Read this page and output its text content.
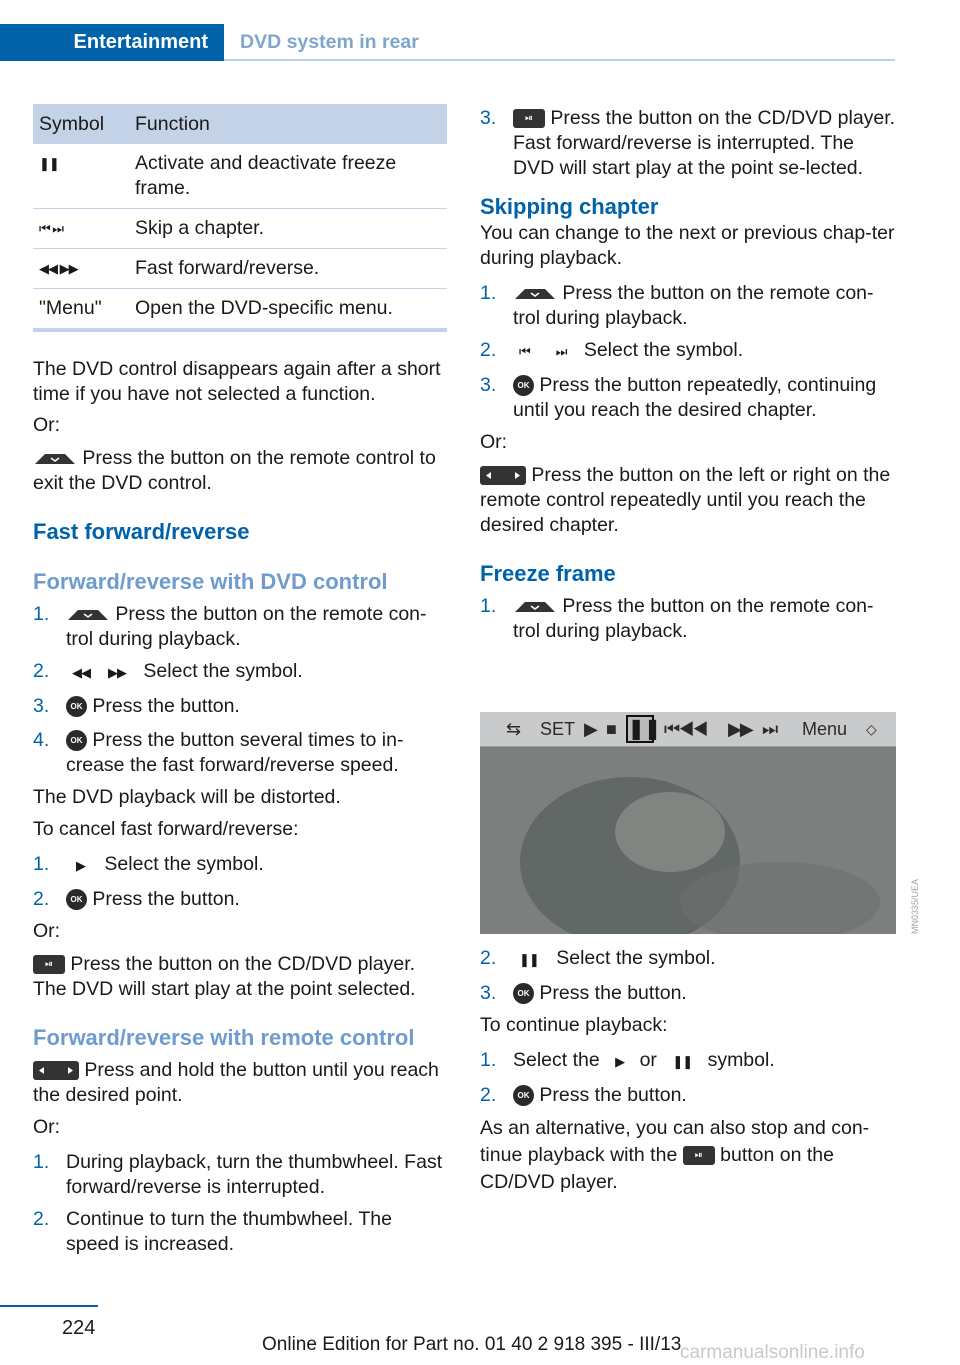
Entertainment	DVD system in rear
Symbol	Function
❚❚	Activate and deactivate freeze frame.
⏮ ⏭	Skip a chapter.
◀◀ ▶▶	Fast forward/reverse.
"Menu"	Open the DVD-specific menu.

The DVD control disappears again after a short time if you have not selected a function.

Or:

Press the button on the remote control to exit the DVD control.

Fast forward/reverse

Forward/reverse with DVD control

1.	Press the button on the remote con‐trol during playback.
2. ◀◀ ▶▶ Select the symbol.
3.	OK Press the button.
4.	OK Press the button several times to in‐crease the fast forward/reverse speed.

The DVD playback will be distorted.

To cancel fast forward/reverse:

1. ▶ Select the symbol.
2.	OK Press the button.

Or:

⏯ Press the button on the CD/DVD player. The DVD will start play at the point selected.

Forward/reverse with remote control

Press and hold the button until you reach the desired point.

Or:

1. During playback, turn the thumbwheel. Fast forward/reverse is interrupted.
2. Continue to turn the thumbwheel. The speed is increased.
3.	⏯ Press the button on the CD/DVD player. Fast forward/reverse is interrupted. The DVD will start play at the point se‐lected.

Skipping chapter

You can change to the next or previous chap‐ter during playback.

1.	Press the button on the remote con‐trol during playback.
2. ⏮ ⏭ Select the symbol.
3.	OK Press the button repeatedly, continuing until you reach the desired chapter.

Or:

Press the button on the left or right on the remote control repeatedly until you reach the desired chapter.

Freeze frame

1.	Press the button on the remote con‐trol during playback.
⇆ SET ▶ ■ ❚❚ ⏮◀◀ ▶▶ ⏭ Menu ◇
MN0335/UEA
2. ❚❚ Select the symbol.
3.	OK Press the button.

To continue playback:

1. Select the ▶ or ❚❚ symbol.
2.	OK Press the button.

As an alternative, you can also stop and con‐tinue playback with the ⏯ button on the CD/DVD player.

224
Online Edition for Part no. 01 40 2 918 395 - III/13
carmanualsonline.info
